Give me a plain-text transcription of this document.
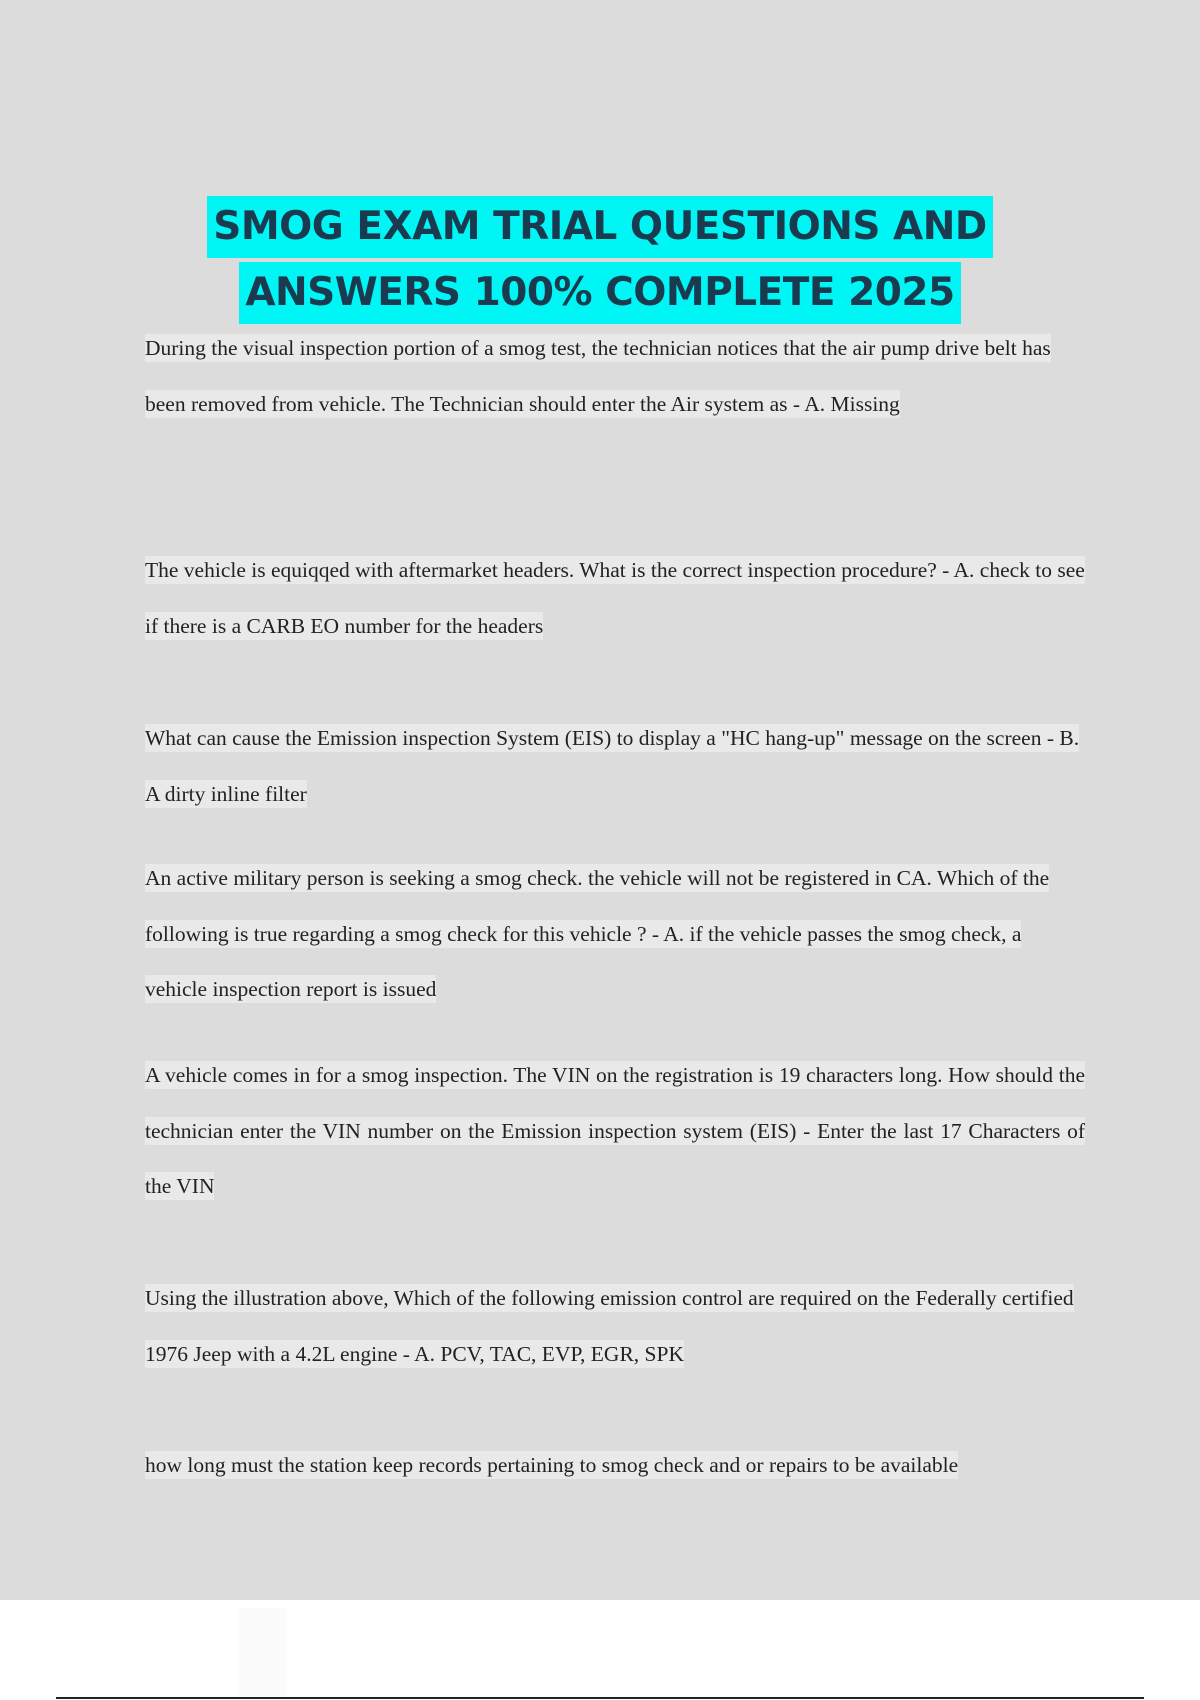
SMOG EXAM TRIAL QUESTIONS AND
ANSWERS 100% COMPLETE 2025

During the visual inspection portion of a smog test, the technician notices that the air pump drive belt has been removed from vehicle. The Technician should enter the Air system as - A. Missing

The vehicle is equiqqed with aftermarket headers. What is the correct inspection procedure? - A. check to see if there is a CARB EO number for the headers

What can cause the Emission inspection System (EIS) to display a "HC hang-up" message on the screen - B. A dirty inline filter

An active military person is seeking a smog check. the vehicle will not be registered in CA. Which of the following is true regarding a smog check for this vehicle ? - A. if the vehicle passes the smog check, a vehicle inspection report is issued

A vehicle comes in for a smog inspection. The VIN on the registration is 19 characters long. How should the technician enter the VIN number on the Emission inspection system (EIS) - Enter the last 17 Characters of the VIN

Using the illustration above, Which of the following emission control are required on the Federally certified 1976 Jeep with a 4.2L engine - A. PCV, TAC, EVP, EGR, SPK

how long must the station keep records pertaining to smog check and or repairs to be available
